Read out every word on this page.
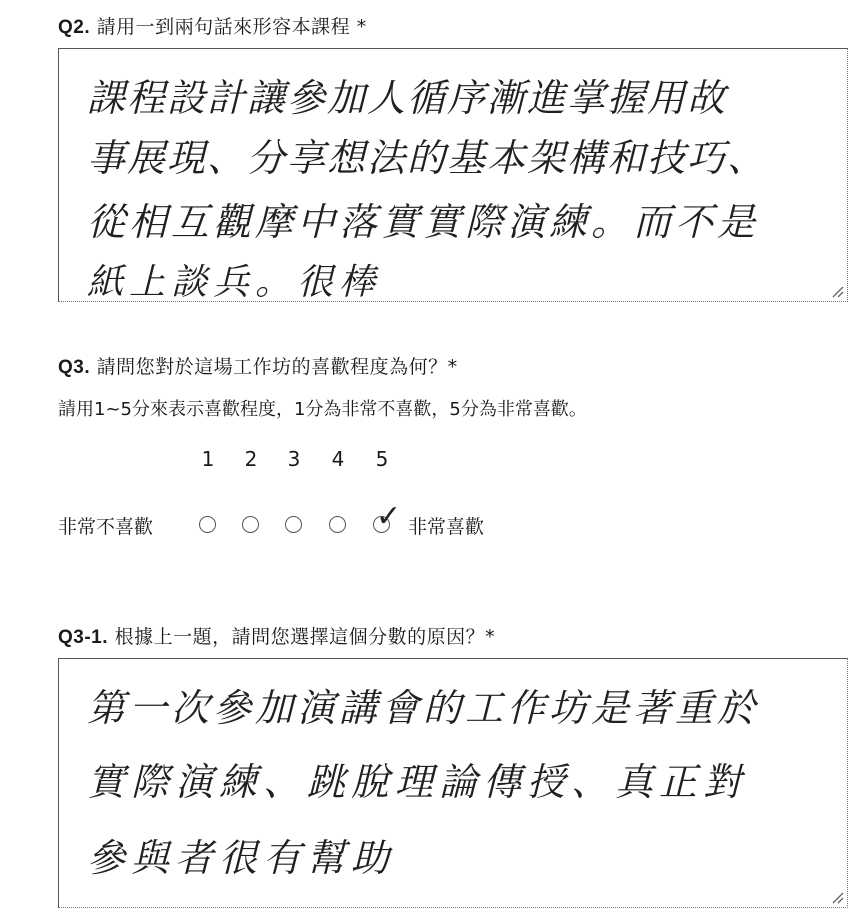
Q2. 請用一到兩句話來形容本課程 *
課程設計讓參加人循序漸進掌握用故
事展現、分享想法的基本架構和技巧、
從相互觀摩中落實實際演練。而不是
紙上談兵。很棒
Q3. 請問您對於這場工作坊的喜歡程度為何？*
請用1~5分來表示喜歡程度，1分為非常不喜歡，5分為非常喜歡。
1 2 3 4 5
非常不喜歡	✓ 非常喜歡
Q3-1. 根據上一題，請問您選擇這個分數的原因？*
第一次參加演講會的工作坊是著重於
實際演練、跳脫理論傳授、真正對
參與者很有幫助
